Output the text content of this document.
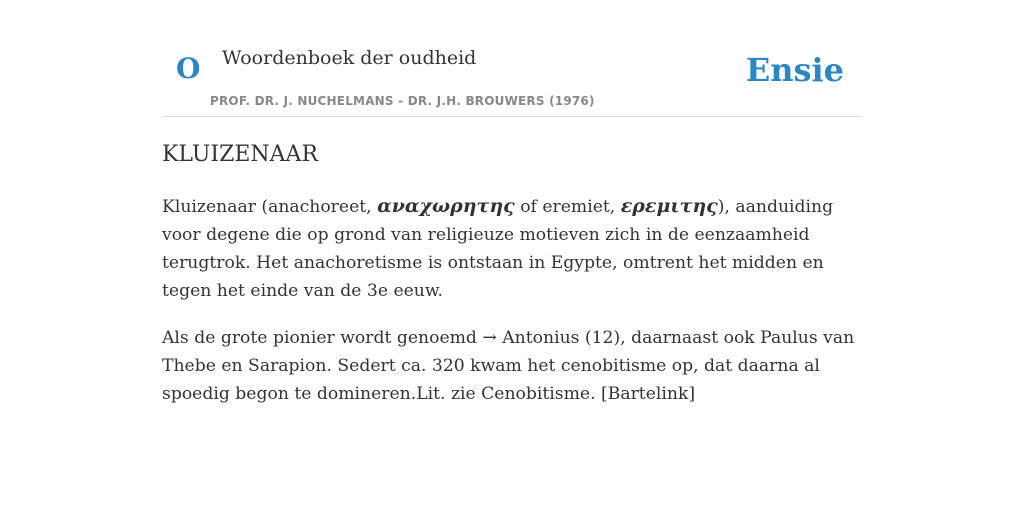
O Woordenboek der oudheid
PROF. DR. J. NUCHELMANS - DR. J.H. BROUWERS (1976)
Ensie
KLUIZENAAR

Kluizenaar (anachoreet, αναχωρητης of eremiet, ερεμιτης), aanduiding voor degene die op grond van religieuze motieven zich in de eenzaamheid terugtrok. Het anachoretisme is ontstaan in Egypte, omtrent het midden en tegen het einde van de 3e eeuw.

Als de grote pionier wordt genoemd → Antonius (12), daarnaast ook Paulus van Thebe en Sarapion. Sedert ca. 320 kwam het cenobitisme op, dat daarna al spoedig begon te domineren.Lit. zie Cenobitisme. [Bartelink]
